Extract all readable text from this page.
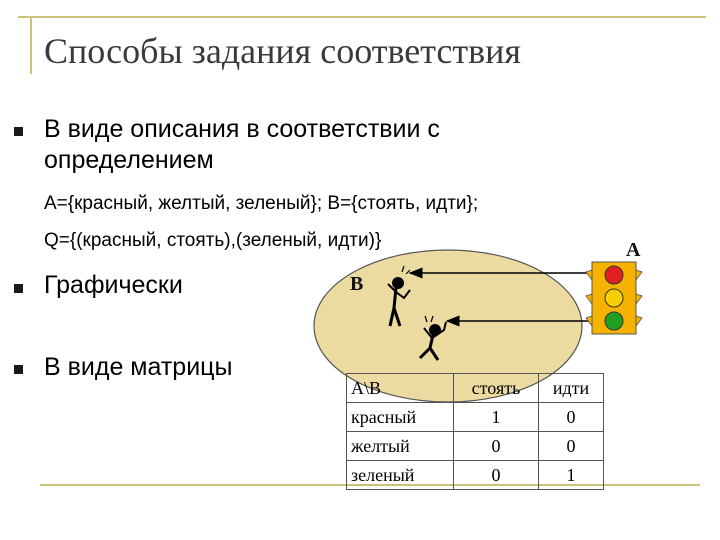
Способы задания соответствия
В виде описания в соответствии с
определением
A={красный, желтый, зеленый}; B={стоять, идти};
Q={(красный, стоять),(зеленый, идти)}
Графически
В виде матрицы
B
A
A\B	стоять	идти
красный	1	0
желтый	0	0
зеленый	0	1
